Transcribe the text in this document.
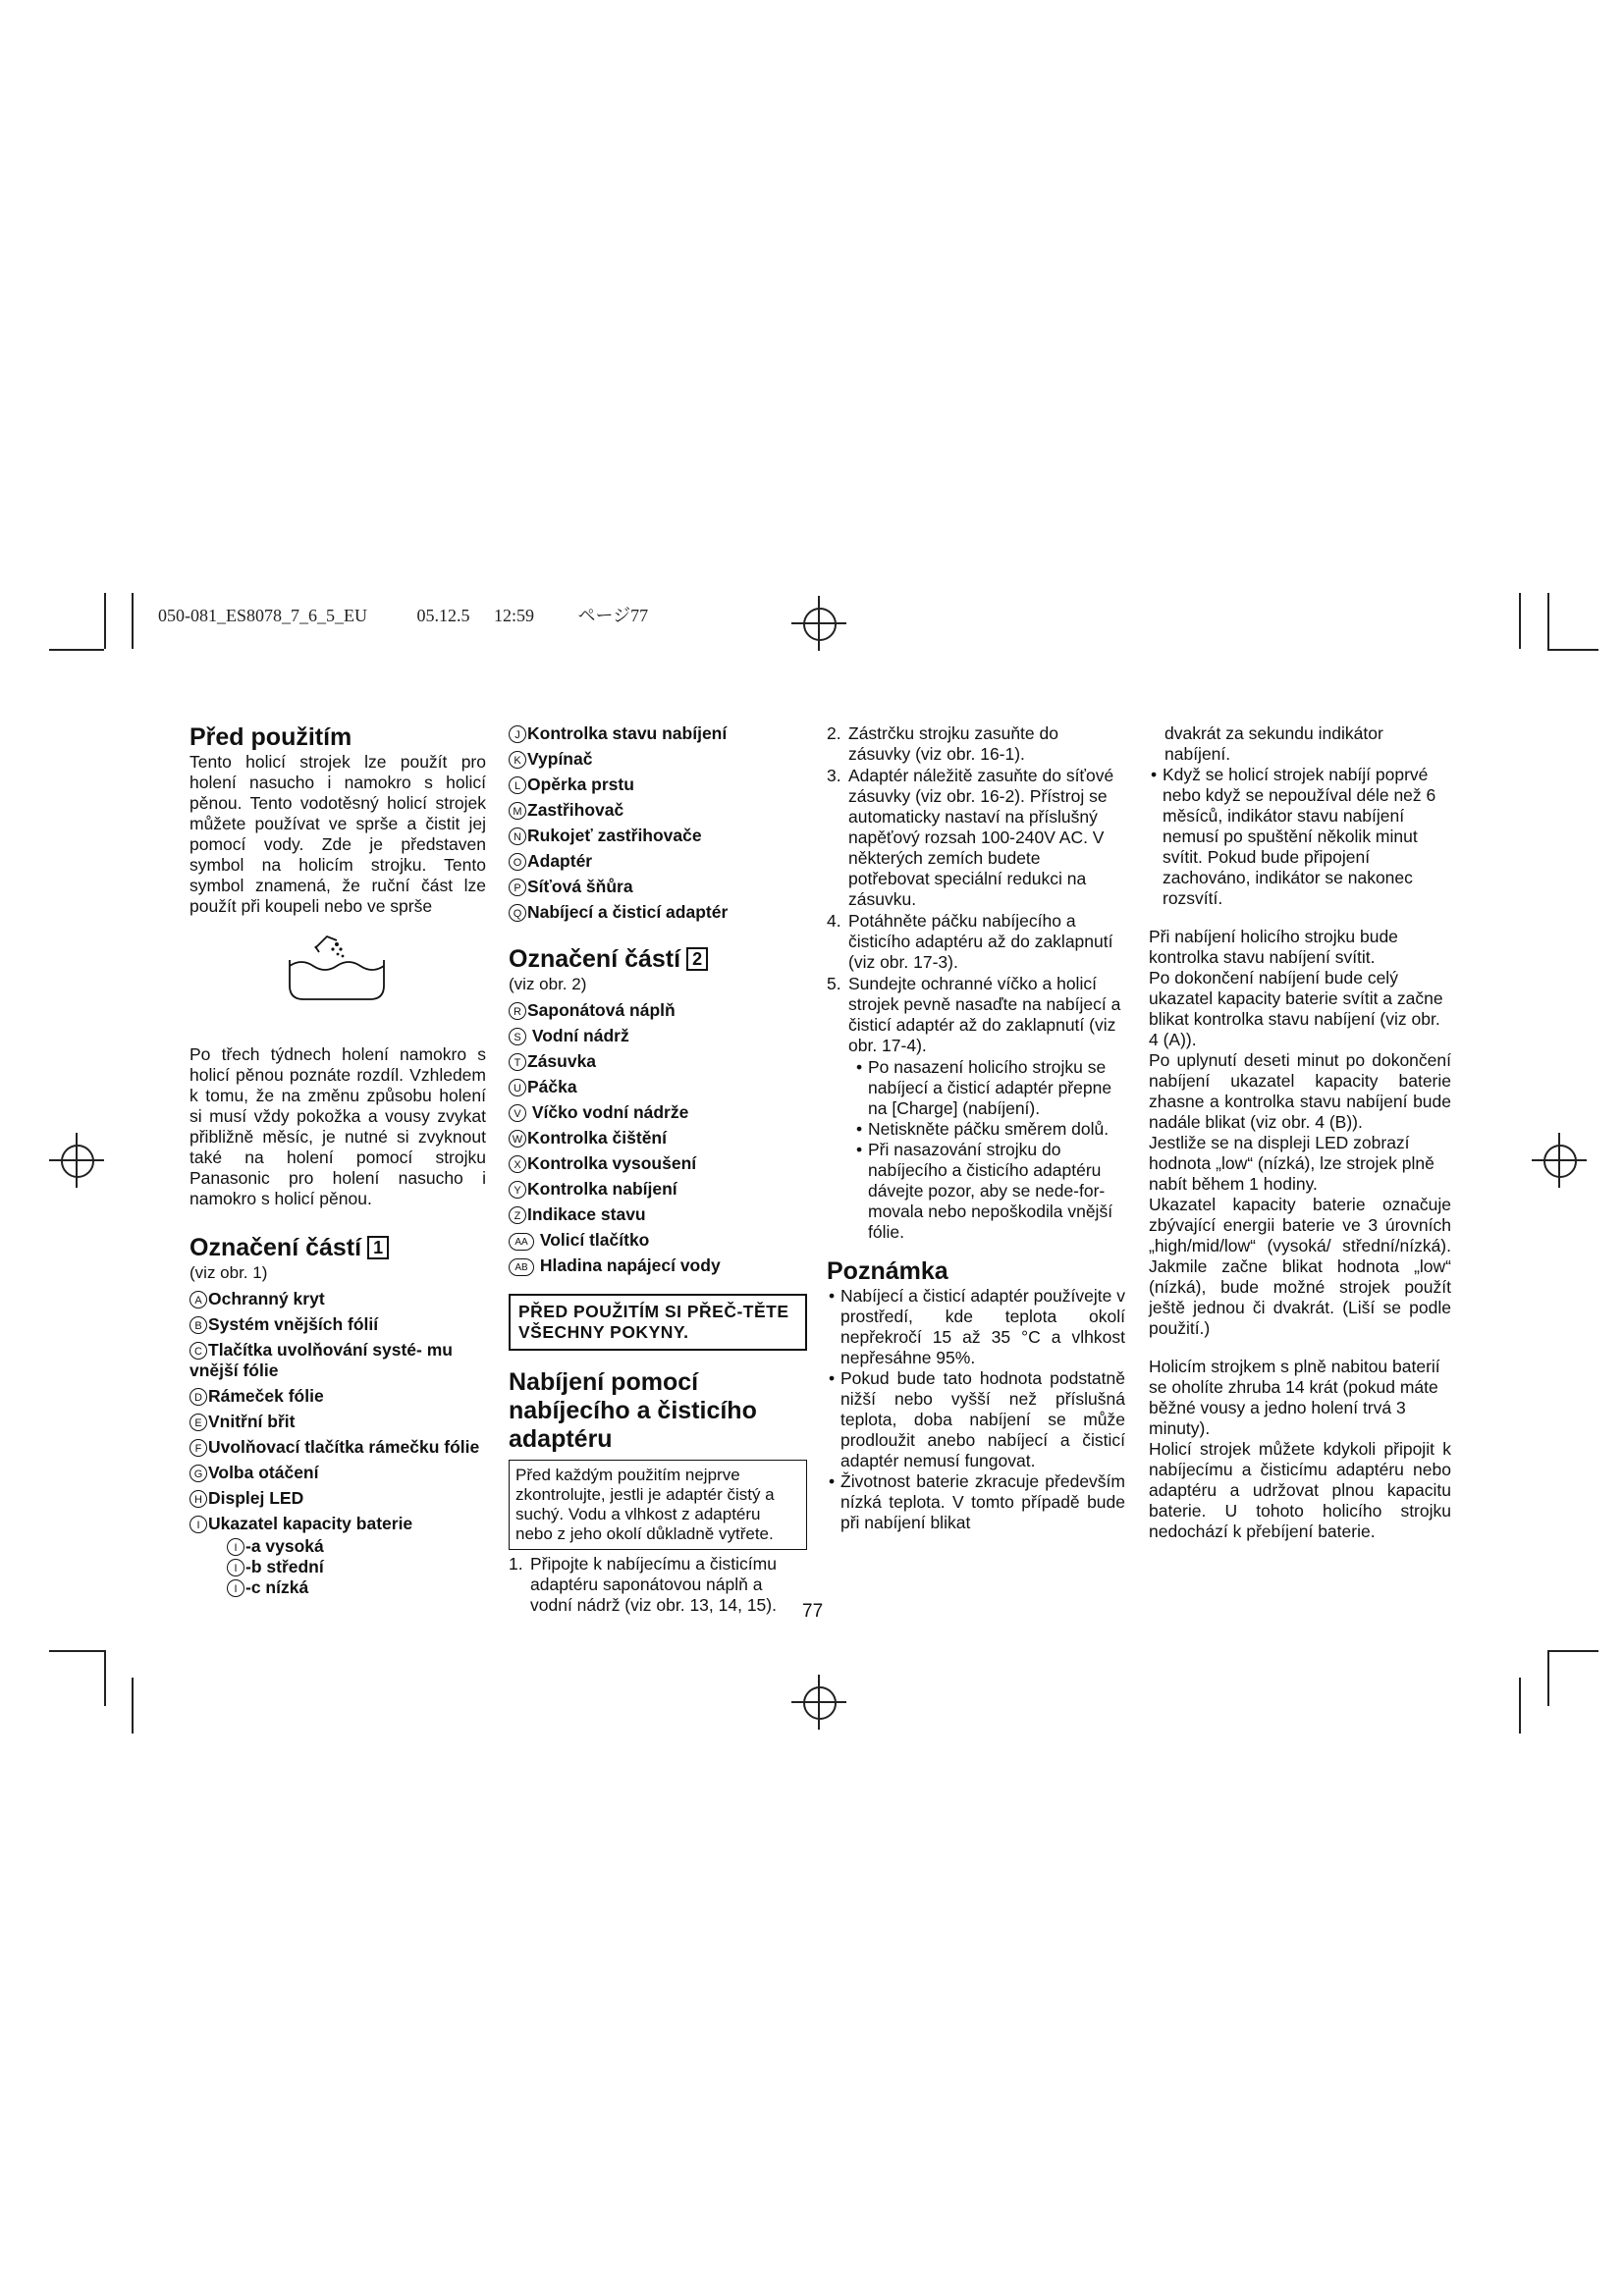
050-081_ES8078_7_6_5_EU	05.12.5 12:59 ページ77

Před použitím

Tento holicí strojek lze použít pro holení nasucho i namokro s holicí pěnou. Tento vodotěsný holicí strojek můžete používat ve sprše a čistit jej pomocí vody. Zde je představen symbol na holicím strojku. Tento symbol znamená, že ruční část lze použít při koupeli nebo ve sprše

Po třech týdnech holení namokro s holicí pěnou poznáte rozdíl. Vzhledem k tomu, že na změnu způsobu holení si musí vždy pokožka a vousy zvykat přibližně měsíc, je nutné si zvyknout také na holení pomocí strojku Panasonic pro holení nasucho i namokro s holicí pěnou.

Označení částí 1

(viz obr. 1)

A Ochranný kryt
B Systém vnějších fólií
C Tlačítka uvolňování systé- mu vnější fólie
D Rámeček fólie
E Vnitřní břit
F Uvolňovací tlačítka rámečku fólie
G Volba otáčení
H Displej LED
I Ukazatel kapacity baterie
I -a vysoká
I -b střední
I -c nízká
J Kontrolka stavu nabíjení
K Vypínač
L Opěrka prstu
M Zastřihovač
N Rukojeť zastřihovače
O Adaptér
P Síťová šňůra
Q Nabíjecí a čisticí adaptér

Označení částí 2

(viz obr. 2)

R Saponátová náplň
S Vodní nádrž
T Zásuvka
U Páčka
V Víčko vodní nádrže
W Kontrolka čištění
X Kontrolka vysoušení
Y Kontrolka nabíjení
Z Indikace stavu
AA Volicí tlačítko
AB Hladina napájecí vody
PŘED POUŽITÍM SI PŘEČ-TĚTE VŠECHNY POKYNY.

Nabíjení pomocí nabíjecího a čisticího adaptéru

Před každým použitím nejprve zkontrolujte, jestli je adaptér čistý a suchý. Vodu a vlhkost z adaptéru nebo z jeho okolí důkladně vytřete.
1. Připojte k nabíjecímu a čisticímu adaptéru saponátovou náplň a vodní nádrž (viz obr. 13, 14, 15).
2. Zástrčku strojku zasuňte do zásuvky (viz obr. 16-1).
3. Adaptér náležitě zasuňte do síťové zásuvky (viz obr. 16-2). Přístroj se automaticky nastaví na příslušný napěťový rozsah 100-240V AC. V některých zemích budete potřebovat speciální redukci na zásuvku.
4. Potáhněte páčku nabíjecího a čisticího adaptéru až do zaklapnutí (viz obr. 17-3).
5. Sundejte ochranné víčko a holicí strojek pevně nasaďte na nabíjecí a čisticí adaptér až do zaklapnutí (viz obr. 17-4).

• Po nasazení holicího strojku se nabíjecí a čisticí adaptér přepne na [Charge] (nabíjení).

• Netiskněte páčku směrem dolů.

• Při nasazování strojku do nabíjecího a čisticího adaptéru dávejte pozor, aby se nede-for-movala nebo nepoškodila vnější fólie.

Poznámka

• Nabíjecí a čisticí adaptér používejte v prostředí, kde teplota okolí nepřekročí 15 až 35 °C a vlhkost nepřesáhne 95%.

• Pokud bude tato hodnota podstatně nižší nebo vyšší než příslušná teplota, doba nabíjení se může prodloužit anebo nabíjecí a čisticí adaptér nemusí fungovat.

• Životnost baterie zkracuje především nízká teplota. V tomto případě bude při nabíjení blikat

dvakrát za sekundu indikátor nabíjení.

• Když se holicí strojek nabíjí poprvé nebo když se nepoužíval déle než 6 měsíců, indikátor stavu nabíjení nemusí po spuštění několik minut svítit. Pokud bude připojení zachováno, indikátor se nakonec rozsvítí.

Při nabíjení holicího strojku bude kontrolka stavu nabíjení svítit.

Po dokončení nabíjení bude celý ukazatel kapacity baterie svítit a začne blikat kontrolka stavu nabíjení (viz obr. 4 (A)).

Po uplynutí deseti minut po dokončení nabíjení ukazatel kapacity baterie zhasne a kontrolka stavu nabíjení bude nadále blikat (viz obr. 4 (B)).

Jestliže se na displeji LED zobrazí hodnota „low“ (nízká), lze strojek plně nabít během 1 hodiny.

Ukazatel kapacity baterie označuje zbývající energii baterie ve 3 úrovních „high/mid/low“ (vysoká/ střední/nízká). Jakmile začne blikat hodnota „low“ (nízká), bude možné strojek použít ještě jednou či dvakrát. (Liší se podle použití.)

Holicím strojkem s plně nabitou baterií se oholíte zhruba 14 krát (pokud máte běžné vousy a jedno holení trvá 3 minuty).

Holicí strojek můžete kdykoli připojit k nabíjecímu a čisticímu adaptéru nebo adaptéru a udržovat plnou kapacitu baterie. U tohoto holicího strojku nedochází k přebíjení baterie.

77
